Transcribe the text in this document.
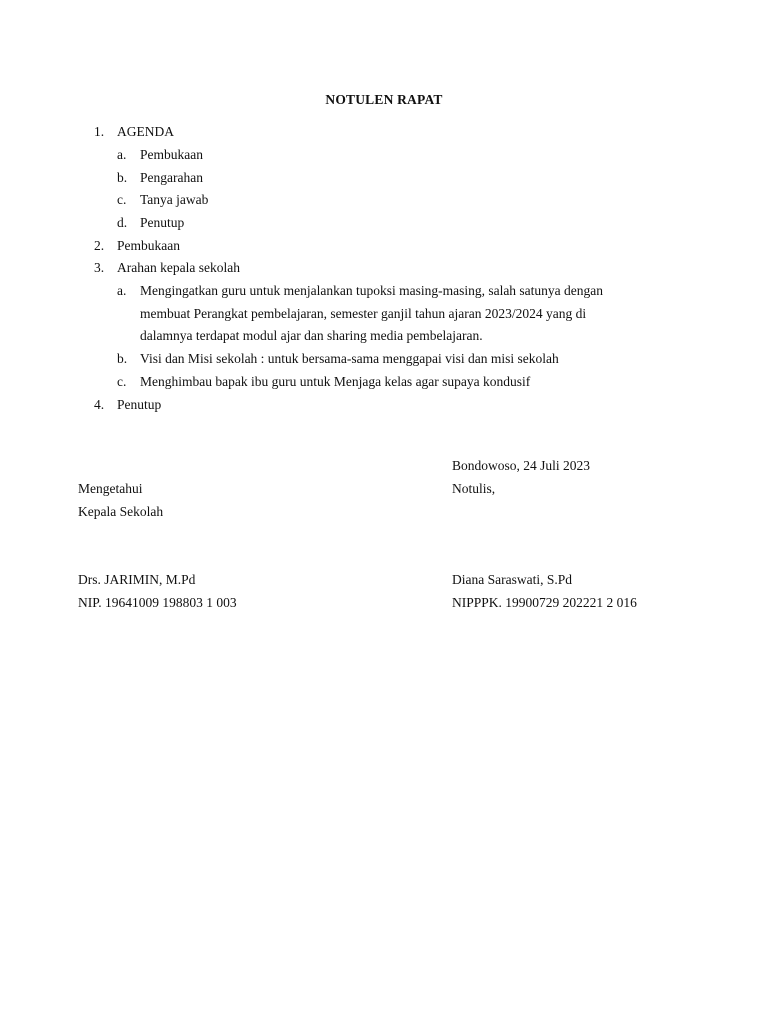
NOTULEN RAPAT
1. AGENDA
a. Pembukaan
b. Pengarahan
c. Tanya jawab
d. Penutup
2. Pembukaan
3. Arahan kepala sekolah
a. Mengingatkan guru untuk menjalankan tupoksi masing-masing, salah satunya dengan
membuat Perangkat pembelajaran, semester ganjil tahun ajaran 2023/2024 yang di
dalamnya terdapat modul ajar dan sharing media pembelajaran.
b. Visi dan Misi sekolah : untuk bersama-sama menggapai visi dan misi sekolah
c. Menghimbau bapak ibu guru untuk Menjaga kelas agar supaya kondusif
4. Penutup
Bondowoso, 24 Juli 2023
Mengetahui	Notulis,
Kepala Sekolah
Drs. JARIMIN, M.Pd	Diana Saraswati, S.Pd
NIP. 19641009 198803 1 003	NIPPPK. 19900729 202221 2 016
